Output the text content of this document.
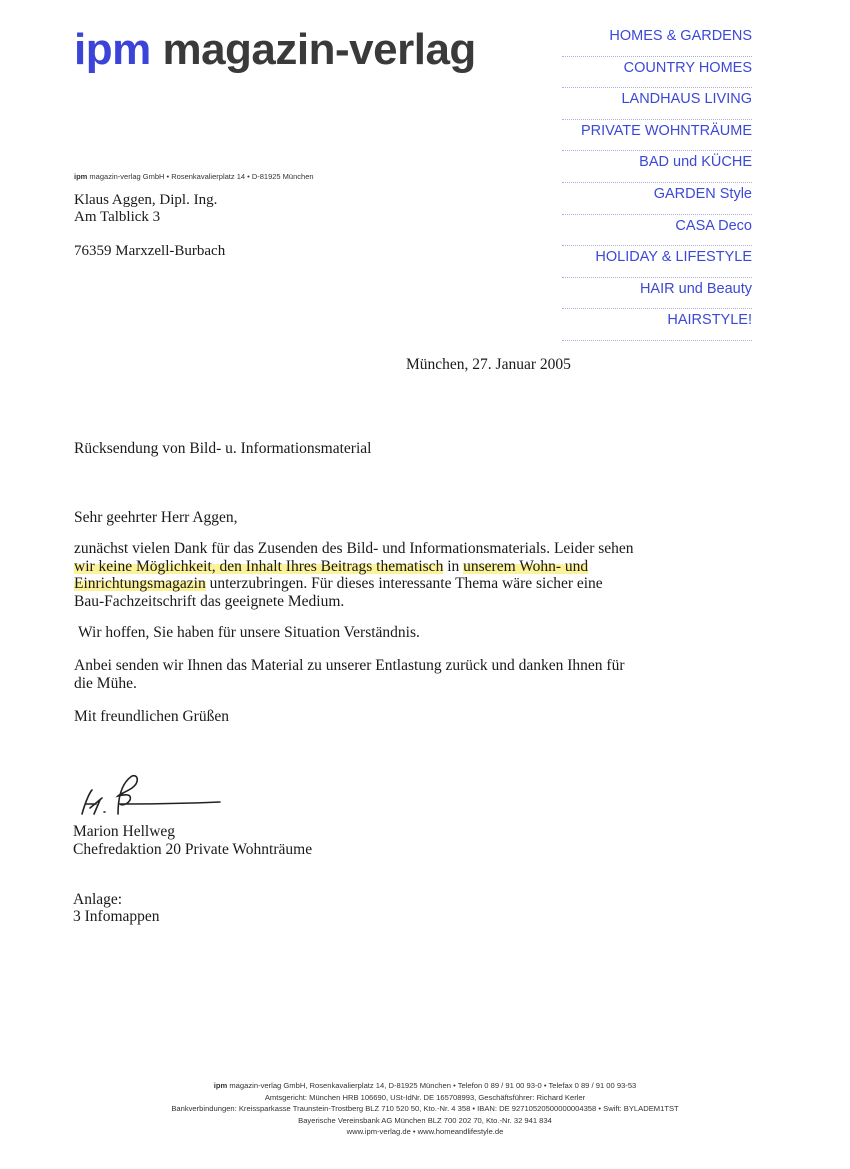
ipm magazin-verlag	HOMES & GARDENS
COUNTRY HOMES
LANDHAUS LIVING
PRIVATE WOHNTRÄUME
BAD und KÜCHE
GARDEN Style
CASA Deco
HOLIDAY & LIFESTYLE
HAIR und Beauty
HAIRSTYLE!
ipm magazin-verlag GmbH • Rosenkavalierplatz 14 • D-81925 München
Klaus Aggen, Dipl. Ing.
Am Talblick 3
76359 Marxzell-Burbach
München, 27. Januar 2005
Rücksendung von Bild- u. Informationsmaterial
Sehr geehrter Herr Aggen,

zunächst vielen Dank für das Zusenden des Bild- und Informationsmaterials. Leider sehen wir keine Möglichkeit, den Inhalt Ihres Beitrags thematisch in unserem Wohn- und Einrichtungsmagazin unterzubringen. Für dieses interessante Thema wäre sicher eine Bau-Fachzeitschrift das geeignete Medium.

Wir hoffen, Sie haben für unsere Situation Verständnis.

Anbei senden wir Ihnen das Material zu unserer Entlastung zurück und danken Ihnen für die Mühe.

Mit freundlichen Grüßen

Marion Hellweg
Chefredaktion 20 Private Wohnträume
Anlage:
3 Infomappen
ipm magazin-verlag GmbH, Rosenkavalierplatz 14, D-81925 München • Telefon 0 89 / 91 00 93-0 • Telefax 0 89 / 91 00 93-53
Amtsgericht: München HRB 106690, USt-IdNr. DE 165708993, Geschäftsführer: Richard Kerler
Bankverbindungen: Kreissparkasse Traunstein-Trostberg BLZ 710 520 50, Kto.-Nr. 4 358 • IBAN: DE 92710520500000004358 • Swift: BYLADEM1TST
Bayerische Vereinsbank AG München BLZ 700 202 70, Kto.-Nr. 32 941 834
www.ipm-verlag.de • www.homeandlifestyle.de
